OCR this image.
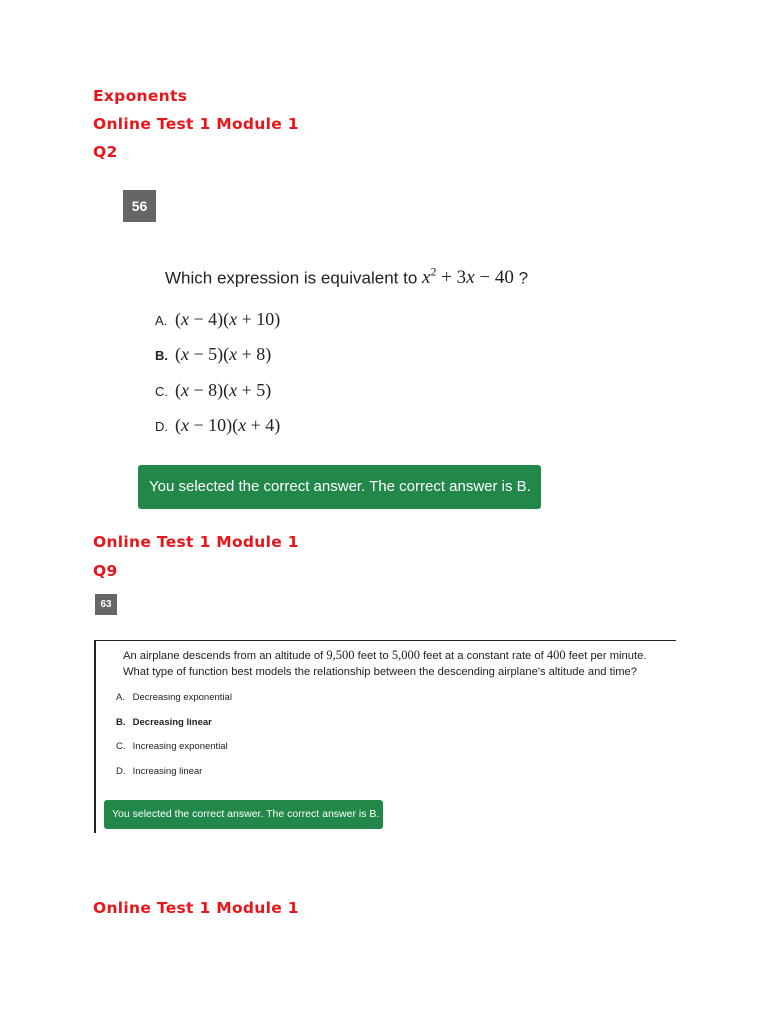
Exponents
Online Test 1 Module 1
Q2
56
Which expression is equivalent to $x^2 + 3x - 40$ ?
A. (x − 4)(x + 10)
B. (x − 5)(x + 8)
C. (x − 8)(x + 5)
D. (x − 10)(x + 4)
You selected the correct answer. The correct answer is B.
Online Test 1 Module 1
Q9
63
An airplane descends from an altitude of 9,500 feet to 5,000 feet at a constant rate of 400 feet per minute.
What type of function best models the relationship between the descending airplane's altitude and time?
A. Decreasing exponential
B. Decreasing linear
C. Increasing exponential
D. Increasing linear
You selected the correct answer. The correct answer is B.
Online Test 1 Module 1
